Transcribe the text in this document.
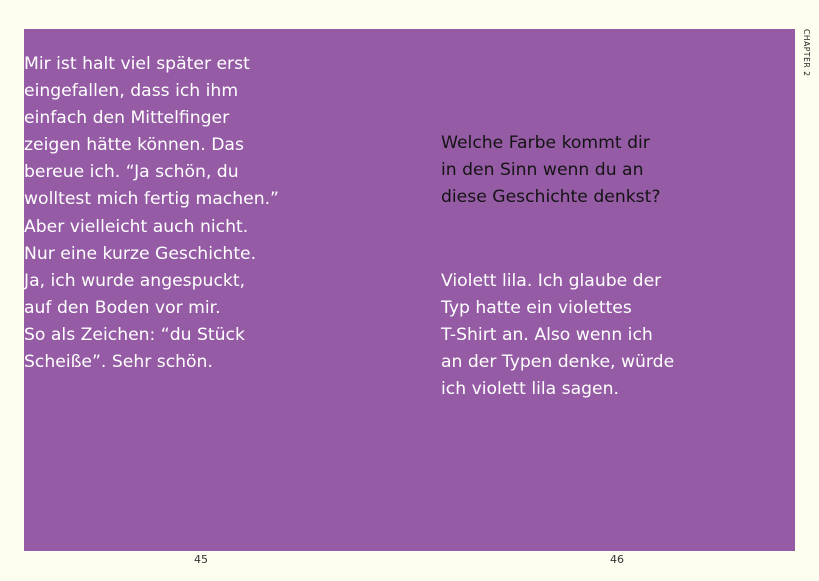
Mir ist halt viel später erst
eingefallen, dass ich ihm
einfach den Mittelfinger
zeigen hätte können. Das
bereue ich. “Ja schön, du
wolltest mich fertig machen.”
Aber vielleicht auch nicht.
Nur eine kurze Geschichte.
Ja, ich wurde angespuckt,
auf den Boden vor mir.
So als Zeichen: “du Stück
Scheiße”. Sehr schön.

Welche Farbe kommt dir
in den Sinn wenn du an
diese Geschichte denkst?

Violett lila. Ich glaube der
Typ hatte ein violettes
T-Shirt an. Also wenn ich
an der Typen denke, würde
ich violett lila sagen.

CHAPTER 2
45	46
